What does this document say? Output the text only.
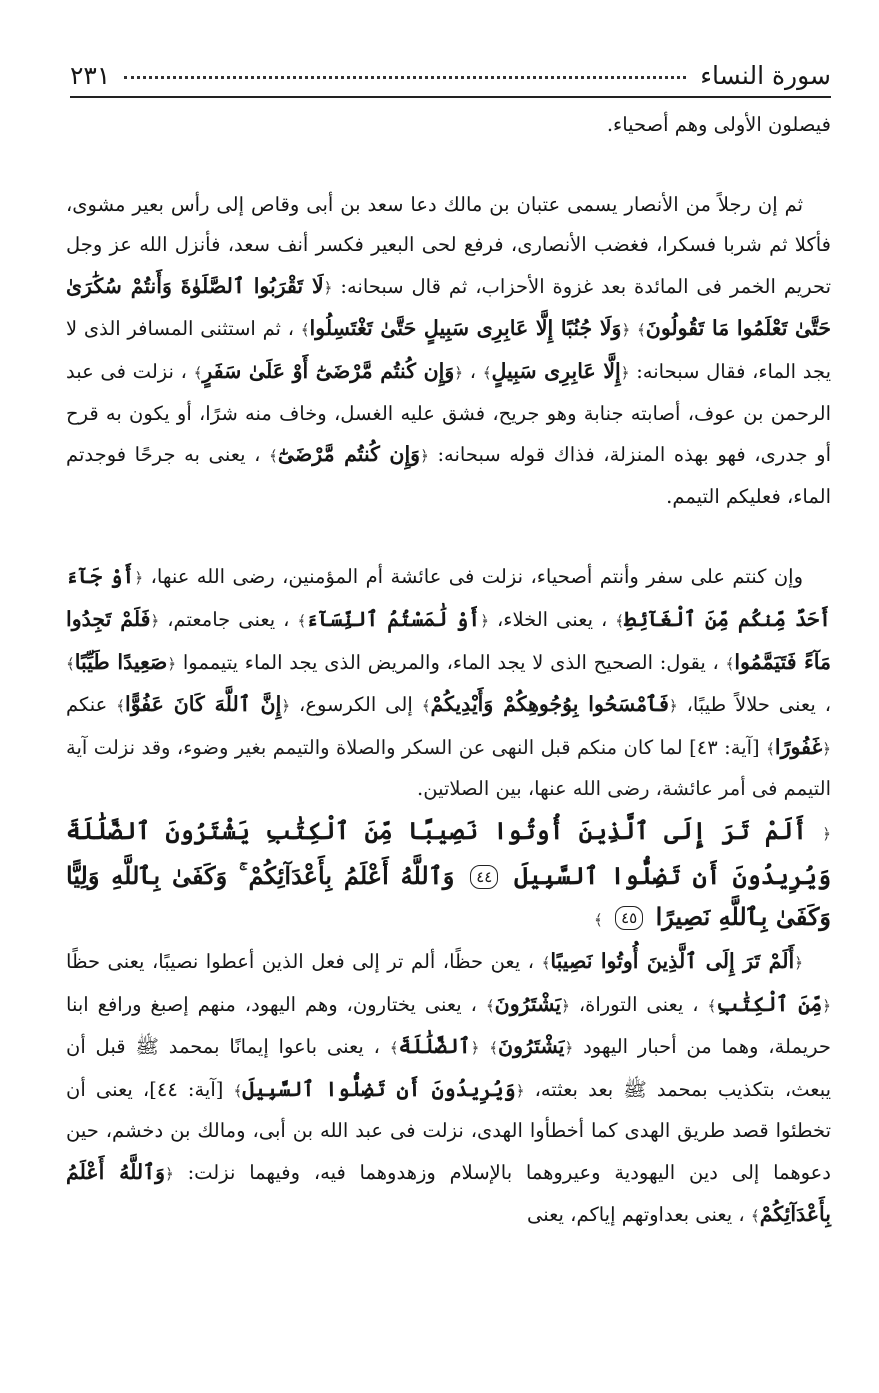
٢٣١	سورة النساء

فيصلون الأولى وهم أصحياء.

ثم إن رجلاً من الأنصار يسمى عتبان بن مالك دعا سعد بن أبى وقاص إلى رأس بعير مشوى، فأكلا ثم شربا فسكرا، فغضب الأنصارى، فرفع لحى البعير فكسر أنف سعد، فأنزل الله عز وجل تحريم الخمر فى المائدة بعد غزوة الأحزاب، ثم قال سبحانه: ﴿لَا تَقْرَبُوا ٱلصَّلَوٰةَ وَأَنتُمْ سُكَٰرَىٰ حَتَّىٰ تَعْلَمُوا مَا تَقُولُونَ﴾ ﴿وَلَا جُنُبًا إِلَّا عَابِرِى سَبِيلٍ حَتَّىٰ تَغْتَسِلُوا﴾ ، ثم استثنى المسافر الذى لا يجد الماء، فقال سبحانه: ﴿إِلَّا عَابِرِى سَبِيلٍ﴾ ، ﴿وَإِن كُنتُم مَّرْضَىٰٓ أَوْ عَلَىٰ سَفَرٍ﴾ ، نزلت فى عبد الرحمن بن عوف، أصابته جنابة وهو جريح، فشق عليه الغسل، وخاف منه شرًا، أو يكون به قرح أو جدرى، فهو بهذه المنزلة، فذاك قوله سبحانه: ﴿وَإِن كُنتُم مَّرْضَىٰٓ﴾ ، يعنى به جرحًا فوجدتم الماء، فعليكم التيمم.

وإن كنتم على سفر وأنتم أصحياء، نزلت فى عائشة أم المؤمنين، رضى الله عنها، ﴿أَوْ جَآءَ أَحَدٌ مِّنكُم مِّنَ ٱلْغَآئِطِ﴾ ، يعنى الخلاء، ﴿أَوْ لَٰمَسْتُمُ ٱلنِّسَآءَ﴾ ، يعنى جامعتم، ﴿فَلَمْ تَجِدُوا مَآءً فَتَيَمَّمُوا﴾ ، يقول: الصحيح الذى لا يجد الماء، والمريض الذى يجد الماء يتيمموا ﴿صَعِيدًا طَيِّبًا﴾ ، يعنى حلالاً طيبًا، ﴿فَٱمْسَحُوا بِوُجُوهِكُمْ وَأَيْدِيكُمْ﴾ إلى الكرسوع، ﴿إِنَّ ٱللَّهَ كَانَ عَفُوًّا﴾ عنكم ﴿غَفُورًا﴾ [آية: ٤٣] لما كان منكم قبل النهى عن السكر والصلاة والتيمم بغير وضوء، وقد نزلت آية التيمم فى أمر عائشة، رضى الله عنها، بين الصلاتين.

﴿ أَلَمْ تَرَ إِلَى ٱلَّذِينَ أُوتُوا نَصِيبًا مِّنَ ٱلْكِتَٰبِ يَشْتَرُونَ ٱلضَّلَٰلَةَ وَيُرِيدُونَ أَن تَضِلُّوا ٱلسَّبِيلَ ٤٤ وَٱللَّهُ أَعْلَمُ بِأَعْدَآئِكُمْ ۚ وَكَفَىٰ بِٱللَّهِ وَلِيًّا وَكَفَىٰ بِٱللَّهِ نَصِيرًا ٤٥ ﴾

﴿أَلَمْ تَرَ إِلَى ٱلَّذِينَ أُوتُوا نَصِيبًا﴾ ، يعن حظًا، ألم تر إلى فعل الذين أعطوا نصيبًا، يعنى حظًا ﴿مِّنَ ٱلْكِتَٰبِ﴾ ، يعنى التوراة، ﴿يَشْتَرُونَ﴾ ، يعنى يختارون، وهم اليهود، منهم إصبغ ورافع ابنا حريملة، وهما من أحبار اليهود ﴿يَشْتَرُونَ﴾ ﴿ٱلضَّلَٰلَةَ﴾ ، يعنى باعوا إيمانًا بمحمد ﷺ قبل أن يبعث، بتكذيب بمحمد ﷺ بعد بعثته، ﴿وَيُرِيدُونَ أَن تَضِلُّوا ٱلسَّبِيلَ﴾ [آية: ٤٤]، يعنى أن تخطئوا قصد طريق الهدى كما أخطأوا الهدى، نزلت فى عبد الله بن أبى، ومالك بن دخشم، حين دعوهما إلى دين اليهودية وعيروهما بالإسلام وزهدوهما فيه، وفيهما نزلت: ﴿وَٱللَّهُ أَعْلَمُ بِأَعْدَآئِكُمْ﴾ ، يعنى بعداوتهم إياكم، يعنى
